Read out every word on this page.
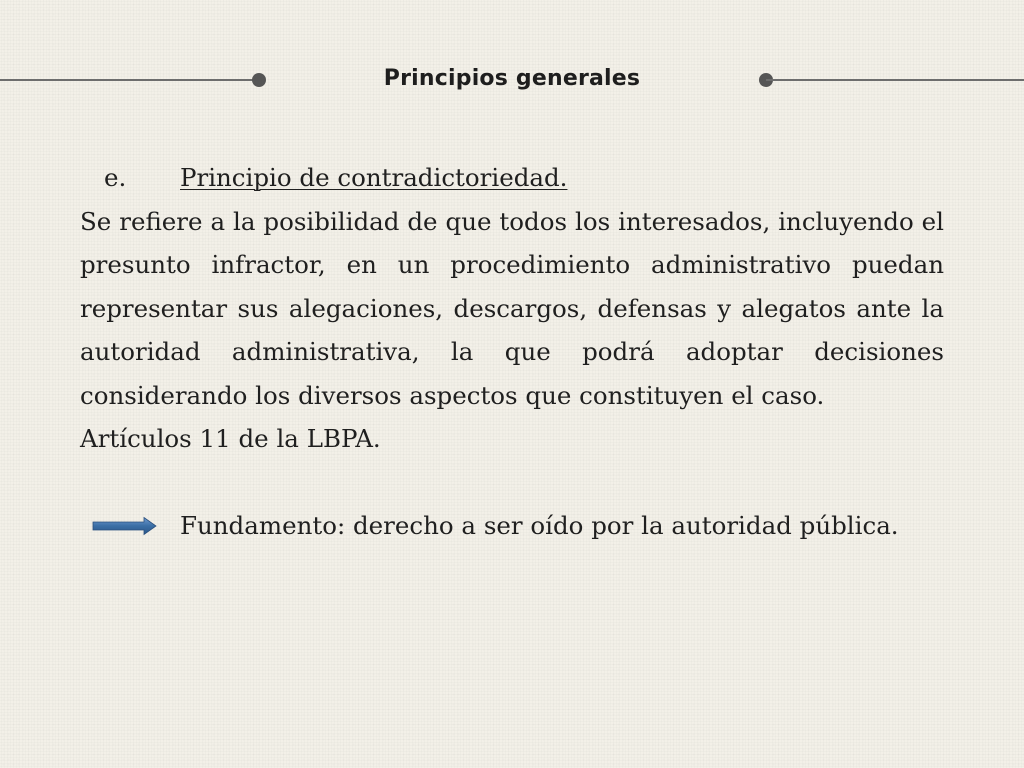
Principios generales
e. Principio de contradictoriedad.

Se refiere a la posibilidad de que todos los interesados, incluyendo el presunto infractor, en un procedimiento administrativo puedan representar sus alegaciones, descargos, defensas y alegatos ante la autoridad administrativa, la que podrá adoptar decisiones considerando los diversos aspectos que constituyen el caso.

Artículos 11 de la LBPA.

Fundamento: derecho a ser oído por la autoridad pública.
